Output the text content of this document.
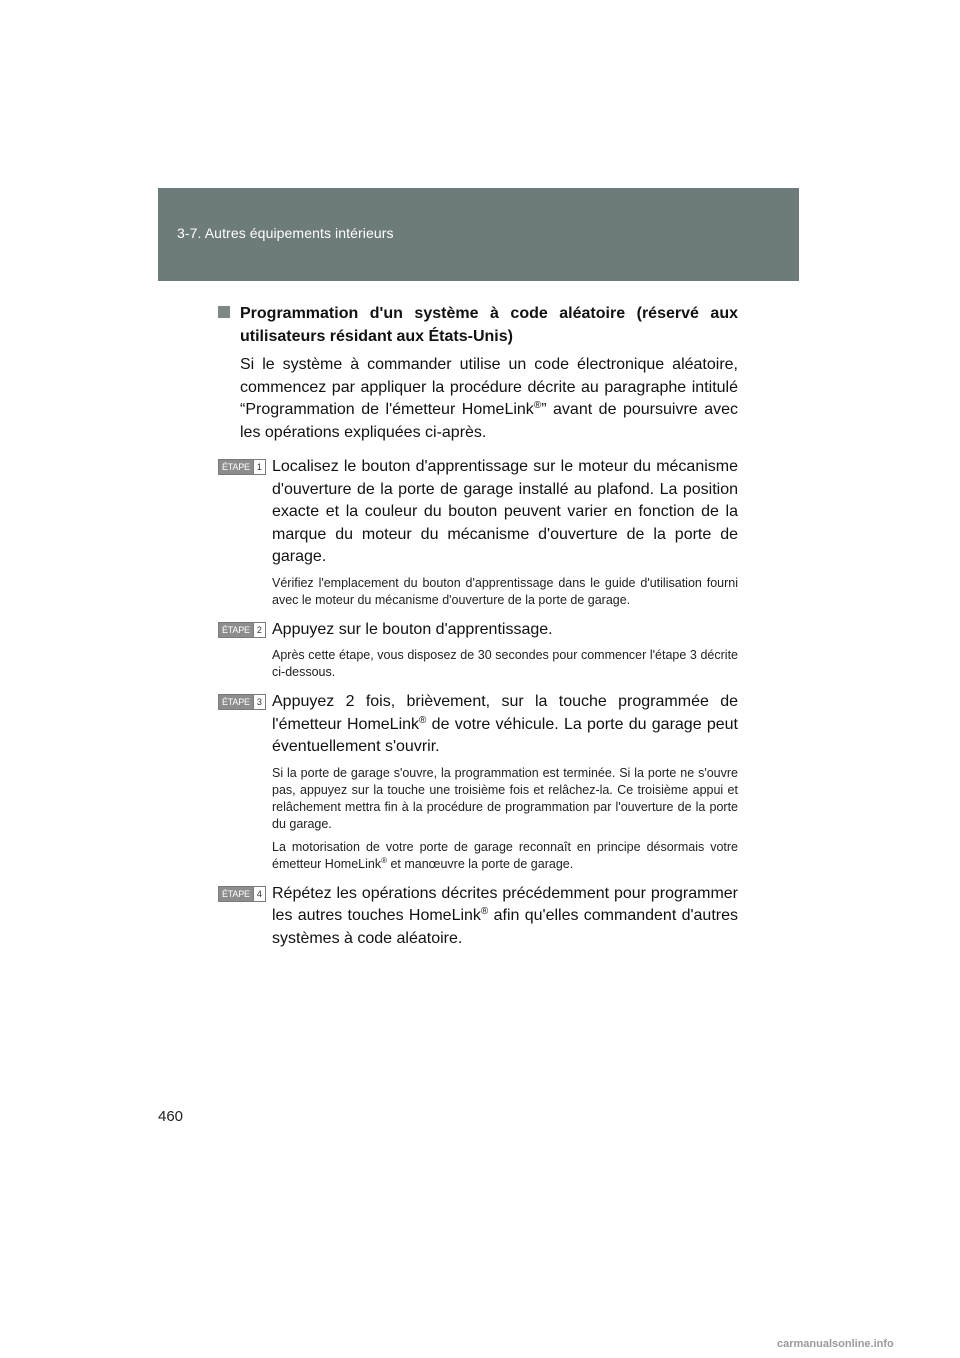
3-7. Autres équipements intérieurs
Programmation d'un système à code aléatoire (réservé aux utilisateurs résidant aux États-Unis)
Si le système à commander utilise un code électronique aléatoire, commencez par appliquer la procédure décrite au paragraphe intitulé “Programmation de l'émetteur HomeLink®” avant de poursuivre avec les opérations expliquées ci-après.
ÉTAPE 1 Localisez le bouton d'apprentissage sur le moteur du mécanisme d'ouverture de la porte de garage installé au plafond. La position exacte et la couleur du bouton peuvent varier en fonction de la marque du moteur du mécanisme d'ouverture de la porte de garage.
Vérifiez l'emplacement du bouton d'apprentissage dans le guide d'utilisation fourni avec le moteur du mécanisme d'ouverture de la porte de garage.
ÉTAPE 2 Appuyez sur le bouton d'apprentissage.
Après cette étape, vous disposez de 30 secondes pour commencer l'étape 3 décrite ci-dessous.
ÉTAPE 3 Appuyez 2 fois, brièvement, sur la touche programmée de l'émetteur HomeLink® de votre véhicule. La porte du garage peut éventuellement s'ouvrir.
Si la porte de garage s'ouvre, la programmation est terminée. Si la porte ne s'ouvre pas, appuyez sur la touche une troisième fois et relâchez-la. Ce troisième appui et relâchement mettra fin à la procédure de programmation par l'ouverture de la porte du garage.
La motorisation de votre porte de garage reconnaît en principe désormais votre émetteur HomeLink® et manœuvre la porte de garage.
ÉTAPE 4 Répétez les opérations décrites précédemment pour programmer les autres touches HomeLink® afin qu'elles commandent d'autres systèmes à code aléatoire.
460
carmanualsonline.info
